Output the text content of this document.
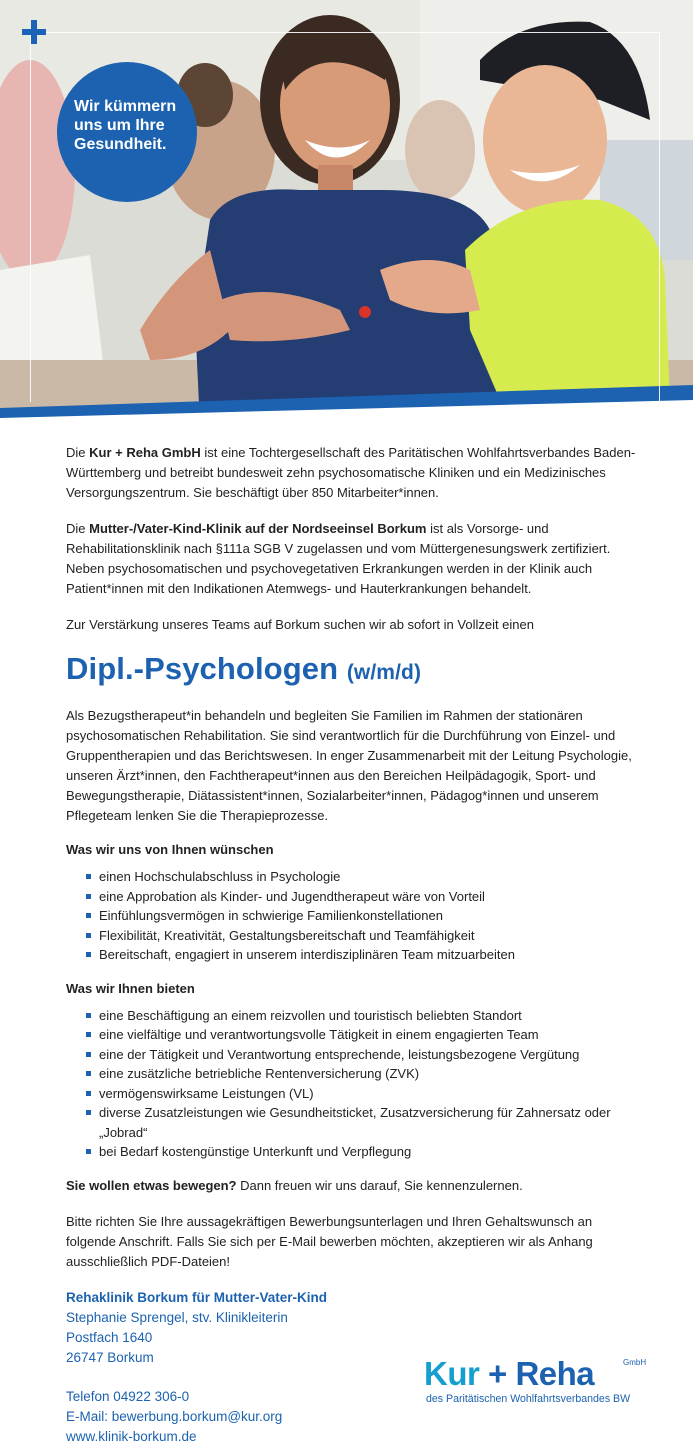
Wir kümmern uns um Ihre Gesundheit.

Die Kur + Reha GmbH ist eine Tochtergesellschaft des Paritätischen Wohlfahrtsverbandes Baden-Württemberg und betreibt bundesweit zehn psychosomatische Kliniken und ein Medizinisches Versorgungszentrum. Sie beschäftigt über 850 Mitarbeiter*innen.

Die Mutter-/Vater-Kind-Klinik auf der Nordseeinsel Borkum ist als Vorsorge- und Rehabilitationsklinik nach §111a SGB V zugelassen und vom Müttergenesungswerk zertifiziert. Neben psychosomatischen und psychovegetativen Erkrankungen werden in der Klinik auch Patient*innen mit den Indikationen Atemwegs- und Hauterkrankungen behandelt.

Zur Verstärkung unseres Teams auf Borkum suchen wir ab sofort in Vollzeit einen

Dipl.-Psychologen (w/m/d)

Als Bezugstherapeut*in behandeln und begleiten Sie Familien im Rahmen der stationären psychosomatischen Rehabilitation. Sie sind verantwortlich für die Durchführung von Einzel- und Gruppentherapien und das Berichtswesen. In enger Zusammenarbeit mit der Leitung Psychologie, unseren Ärzt*innen, den Fachtherapeut*innen aus den Bereichen Heilpädagogik, Sport- und Bewegungstherapie, Diätassistent*innen, Sozialarbeiter*innen, Pädagog*innen und unserem Pflegeteam lenken Sie die Therapieprozesse.

Was wir uns von Ihnen wünschen
einen Hochschulabschluss in Psychologie
eine Approbation als Kinder- und Jugendtherapeut wäre von Vorteil
Einfühlungsvermögen in schwierige Familienkonstellationen
Flexibilität, Kreativität, Gestaltungsbereitschaft und Teamfähigkeit
Bereitschaft, engagiert in unserem interdisziplinären Team mitzuarbeiten
Was wir Ihnen bieten
eine Beschäftigung an einem reizvollen und touristisch beliebten Standort
eine vielfältige und verantwortungsvolle Tätigkeit in einem engagierten Team
eine der Tätigkeit und Verantwortung entsprechende, leistungsbezogene Vergütung
eine zusätzliche betriebliche Rentenversicherung (ZVK)
vermögenswirksame Leistungen (VL)
diverse Zusatzleistungen wie Gesundheitsticket, Zusatzversicherung für Zahnersatz oder „Jobrad“
bei Bedarf kostengünstige Unterkunft und Verpflegung

Sie wollen etwas bewegen? Dann freuen wir uns darauf, Sie kennenzulernen.

Bitte richten Sie Ihre aussagekräftigen Bewerbungsunterlagen und Ihren Gehaltswunsch an folgende Anschrift. Falls Sie sich per E-Mail bewerben möchten, akzeptieren wir als Anhang ausschließlich PDF-Dateien!

Rehaklinik Borkum für Mutter-Vater-Kind
Stephanie Sprengel, stv. Klinikleiterin
Postfach 1640
26747 Borkum
Telefon 04922 306-0
E-Mail: bewerbung.borkum@kur.org
www.klinik-borkum.de
Kur + Reha	GmbH
des Paritätischen Wohlfahrtsverbandes BW
